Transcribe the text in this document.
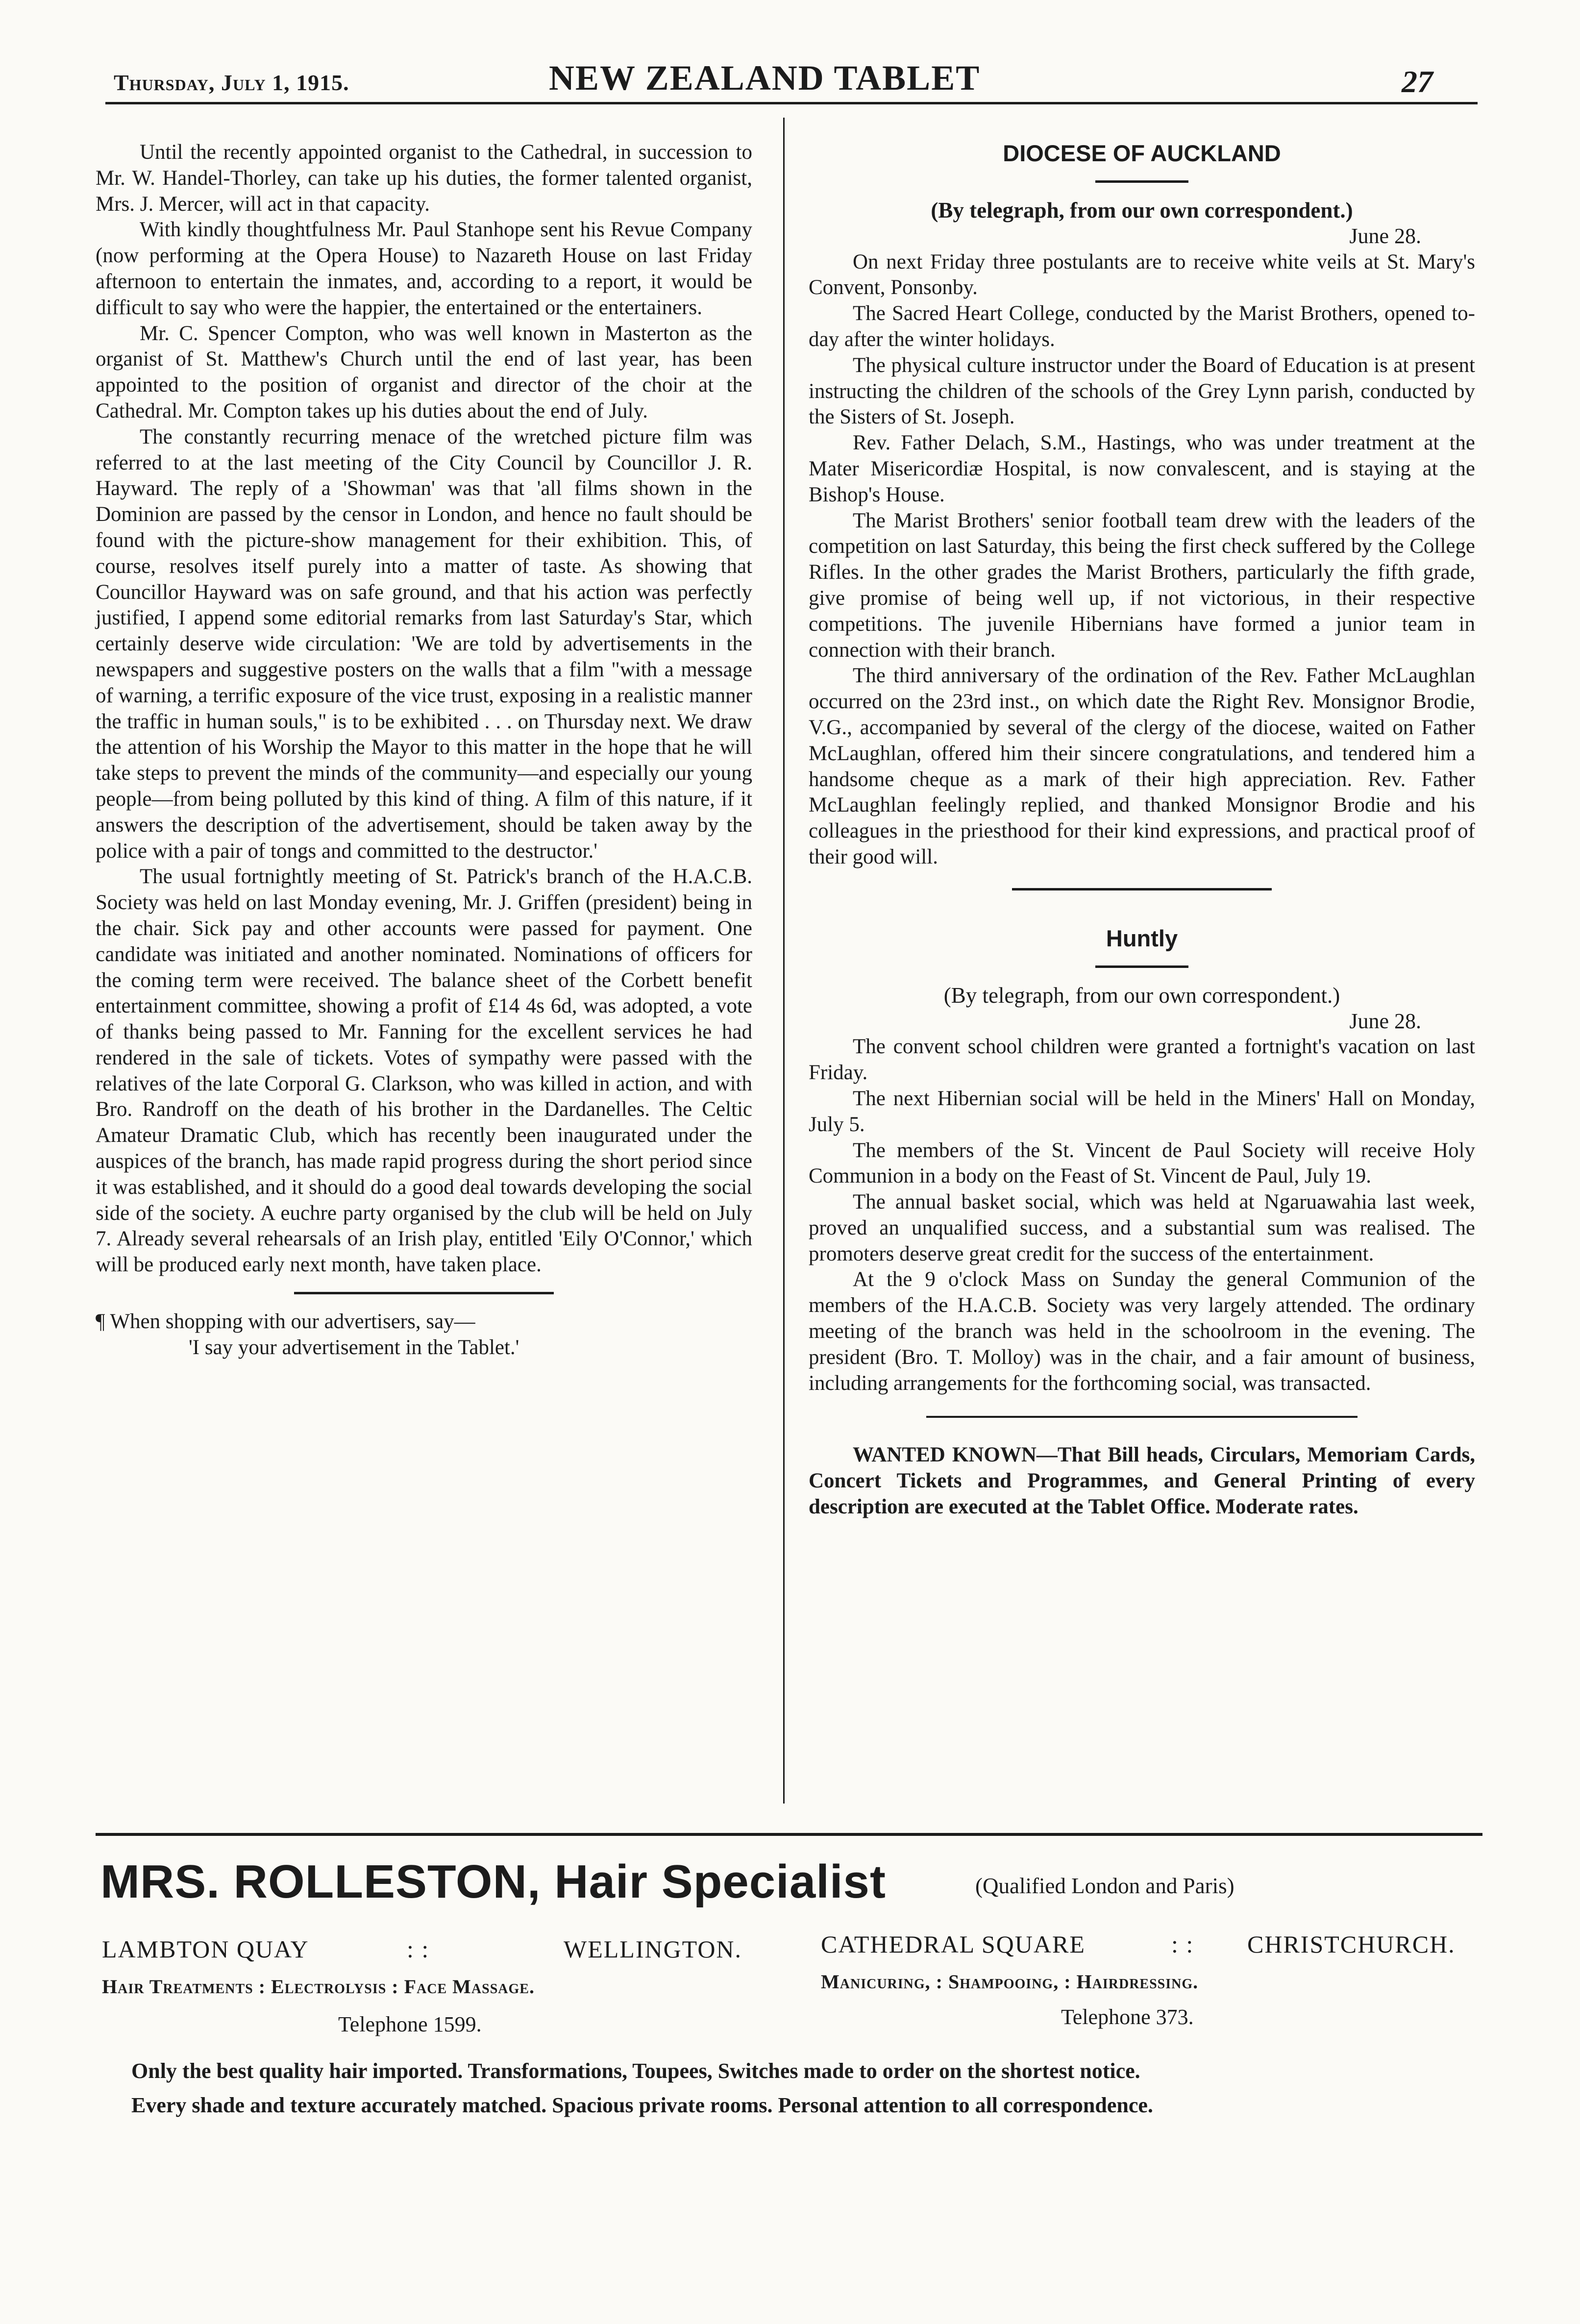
Thursday, July 1, 1915.	NEW ZEALAND TABLET	27

Until the recently appointed organist to the Cathedral, in succession to Mr. W. Handel-Thorley, can take up his duties, the former talented organist, Mrs. J. Mercer, will act in that capacity.

With kindly thoughtfulness Mr. Paul Stanhope sent his Revue Company (now performing at the Opera House) to Nazareth House on last Friday afternoon to entertain the inmates, and, according to a report, it would be difficult to say who were the happier, the entertained or the entertainers.

Mr. C. Spencer Compton, who was well known in Masterton as the organist of St. Matthew's Church until the end of last year, has been appointed to the position of organist and director of the choir at the Cathedral. Mr. Compton takes up his duties about the end of July.

The constantly recurring menace of the wretched picture film was referred to at the last meeting of the City Council by Councillor J. R. Hayward. The reply of a 'Showman' was that 'all films shown in the Dominion are passed by the censor in London, and hence no fault should be found with the picture-show management for their exhibition. This, of course, resolves itself purely into a matter of taste. As showing that Councillor Hayward was on safe ground, and that his action was perfectly justified, I append some editorial remarks from last Saturday's Star, which certainly deserve wide circulation: 'We are told by advertisements in the newspapers and suggestive posters on the walls that a film "with a message of warning, a terrific exposure of the vice trust, exposing in a realistic manner the traffic in human souls," is to be exhibited . . . on Thursday next. We draw the attention of his Worship the Mayor to this matter in the hope that he will take steps to prevent the minds of the community—and especially our young people—from being polluted by this kind of thing. A film of this nature, if it answers the description of the advertisement, should be taken away by the police with a pair of tongs and committed to the destructor.'

The usual fortnightly meeting of St. Patrick's branch of the H.A.C.B. Society was held on last Monday evening, Mr. J. Griffen (president) being in the chair. Sick pay and other accounts were passed for payment. One candidate was initiated and another nominated. Nominations of officers for the coming term were received. The balance sheet of the Corbett benefit entertainment committee, showing a profit of £14 4s 6d, was adopted, a vote of thanks being passed to Mr. Fanning for the excellent services he had rendered in the sale of tickets. Votes of sympathy were passed with the relatives of the late Corporal G. Clarkson, who was killed in action, and with Bro. Randroff on the death of his brother in the Dardanelles. The Celtic Amateur Dramatic Club, which has recently been inaugurated under the auspices of the branch, has made rapid progress during the short period since it was established, and it should do a good deal towards developing the social side of the society. A euchre party organised by the club will be held on July 7. Already several rehearsals of an Irish play, entitled 'Eily O'Connor,' which will be produced early next month, have taken place.

¶ When shopping with our advertisers, say—

'I say your advertisement in the Tablet.'

DIOCESE OF AUCKLAND

(By telegraph, from our own correspondent.)

June 28.

On next Friday three postulants are to receive white veils at St. Mary's Convent, Ponsonby.

The Sacred Heart College, conducted by the Marist Brothers, opened to-day after the winter holidays.

The physical culture instructor under the Board of Education is at present instructing the children of the schools of the Grey Lynn parish, conducted by the Sisters of St. Joseph.

Rev. Father Delach, S.M., Hastings, who was under treatment at the Mater Misericordiæ Hospital, is now convalescent, and is staying at the Bishop's House.

The Marist Brothers' senior football team drew with the leaders of the competition on last Saturday, this being the first check suffered by the College Rifles. In the other grades the Marist Brothers, particularly the fifth grade, give promise of being well up, if not victorious, in their respective competitions. The juvenile Hibernians have formed a junior team in connection with their branch.

The third anniversary of the ordination of the Rev. Father McLaughlan occurred on the 23rd inst., on which date the Right Rev. Monsignor Brodie, V.G., accompanied by several of the clergy of the diocese, waited on Father McLaughlan, offered him their sincere congratulations, and tendered him a handsome cheque as a mark of their high appreciation. Rev. Father McLaughlan feelingly replied, and thanked Monsignor Brodie and his colleagues in the priesthood for their kind expressions, and practical proof of their good will.

Huntly

(By telegraph, from our own correspondent.)

June 28.

The convent school children were granted a fortnight's vacation on last Friday.

The next Hibernian social will be held in the Miners' Hall on Monday, July 5.

The members of the St. Vincent de Paul Society will receive Holy Communion in a body on the Feast of St. Vincent de Paul, July 19.

The annual basket social, which was held at Ngaruawahia last week, proved an unqualified success, and a substantial sum was realised. The promoters deserve great credit for the success of the entertainment.

At the 9 o'clock Mass on Sunday the general Communion of the members of the H.A.C.B. Society was very largely attended. The ordinary meeting of the branch was held in the schoolroom in the evening. The president (Bro. T. Molloy) was in the chair, and a fair amount of business, including arrangements for the forthcoming social, was transacted.

WANTED KNOWN—That Bill heads, Circulars, Memoriam Cards, Concert Tickets and Programmes, and General Printing of every description are executed at the Tablet Office. Moderate rates.

MRS. ROLLESTON, Hair Specialist	(Qualified London and Paris)
LAMBTON QUAY	: :	WELLINGTON.
Hair Treatments : Electrolysis : Face Massage.
Telephone 1599.
CATHEDRAL SQUARE	: : CHRISTCHURCH.
Manicuring, : Shampooing, : Hairdressing.
Telephone 373.
Only the best quality hair imported. Transformations, Toupees, Switches made to order on the shortest notice.
Every shade and texture accurately matched. Spacious private rooms. Personal attention to all correspondence.
